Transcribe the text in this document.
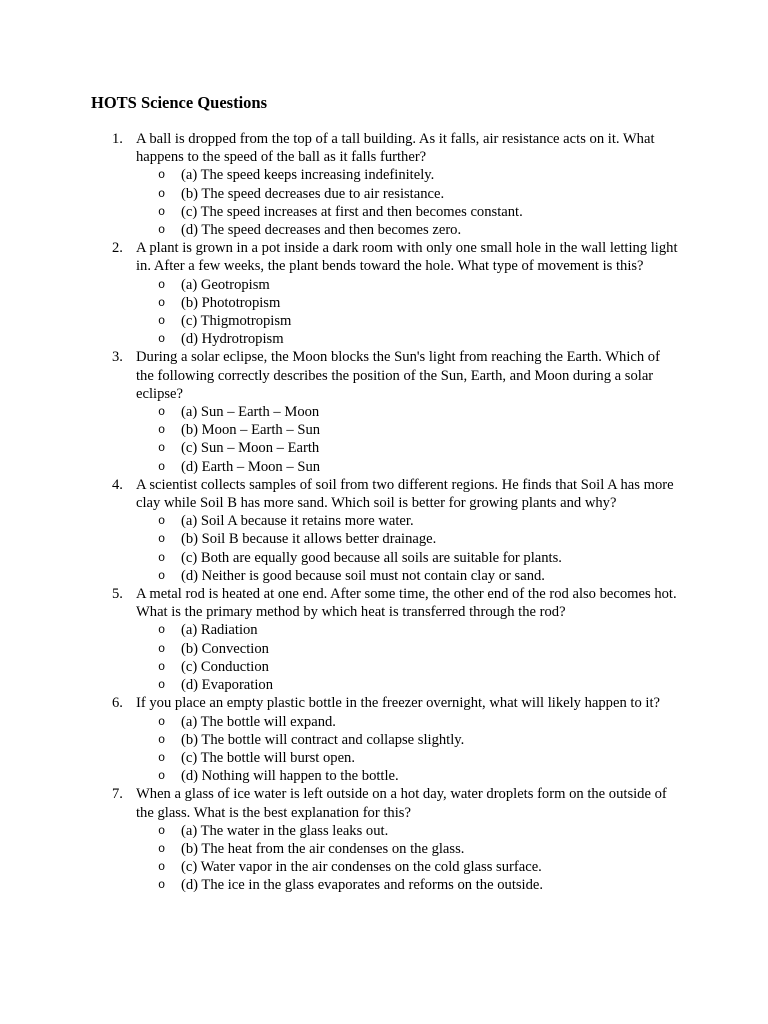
HOTS Science Questions
1. A ball is dropped from the top of a tall building. As it falls, air resistance acts on it. What happens to the speed of the ball as it falls further?
o (a) The speed keeps increasing indefinitely.
o (b) The speed decreases due to air resistance.
o (c) The speed increases at first and then becomes constant.
o (d) The speed decreases and then becomes zero.
2. A plant is grown in a pot inside a dark room with only one small hole in the wall letting light in. After a few weeks, the plant bends toward the hole. What type of movement is this?
o (a) Geotropism
o (b) Phototropism
o (c) Thigmotropism
o (d) Hydrotropism
3. During a solar eclipse, the Moon blocks the Sun's light from reaching the Earth. Which of the following correctly describes the position of the Sun, Earth, and Moon during a solar eclipse?
o (a) Sun – Earth – Moon
o (b) Moon – Earth – Sun
o (c) Sun – Moon – Earth
o (d) Earth – Moon – Sun
4. A scientist collects samples of soil from two different regions. He finds that Soil A has more clay while Soil B has more sand. Which soil is better for growing plants and why?
o (a) Soil A because it retains more water.
o (b) Soil B because it allows better drainage.
o (c) Both are equally good because all soils are suitable for plants.
o (d) Neither is good because soil must not contain clay or sand.
5. A metal rod is heated at one end. After some time, the other end of the rod also becomes hot. What is the primary method by which heat is transferred through the rod?
o (a) Radiation
o (b) Convection
o (c) Conduction
o (d) Evaporation
6. If you place an empty plastic bottle in the freezer overnight, what will likely happen to it?
o (a) The bottle will expand.
o (b) The bottle will contract and collapse slightly.
o (c) The bottle will burst open.
o (d) Nothing will happen to the bottle.
7. When a glass of ice water is left outside on a hot day, water droplets form on the outside of the glass. What is the best explanation for this?
o (a) The water in the glass leaks out.
o (b) The heat from the air condenses on the glass.
o (c) Water vapor in the air condenses on the cold glass surface.
o (d) The ice in the glass evaporates and reforms on the outside.
